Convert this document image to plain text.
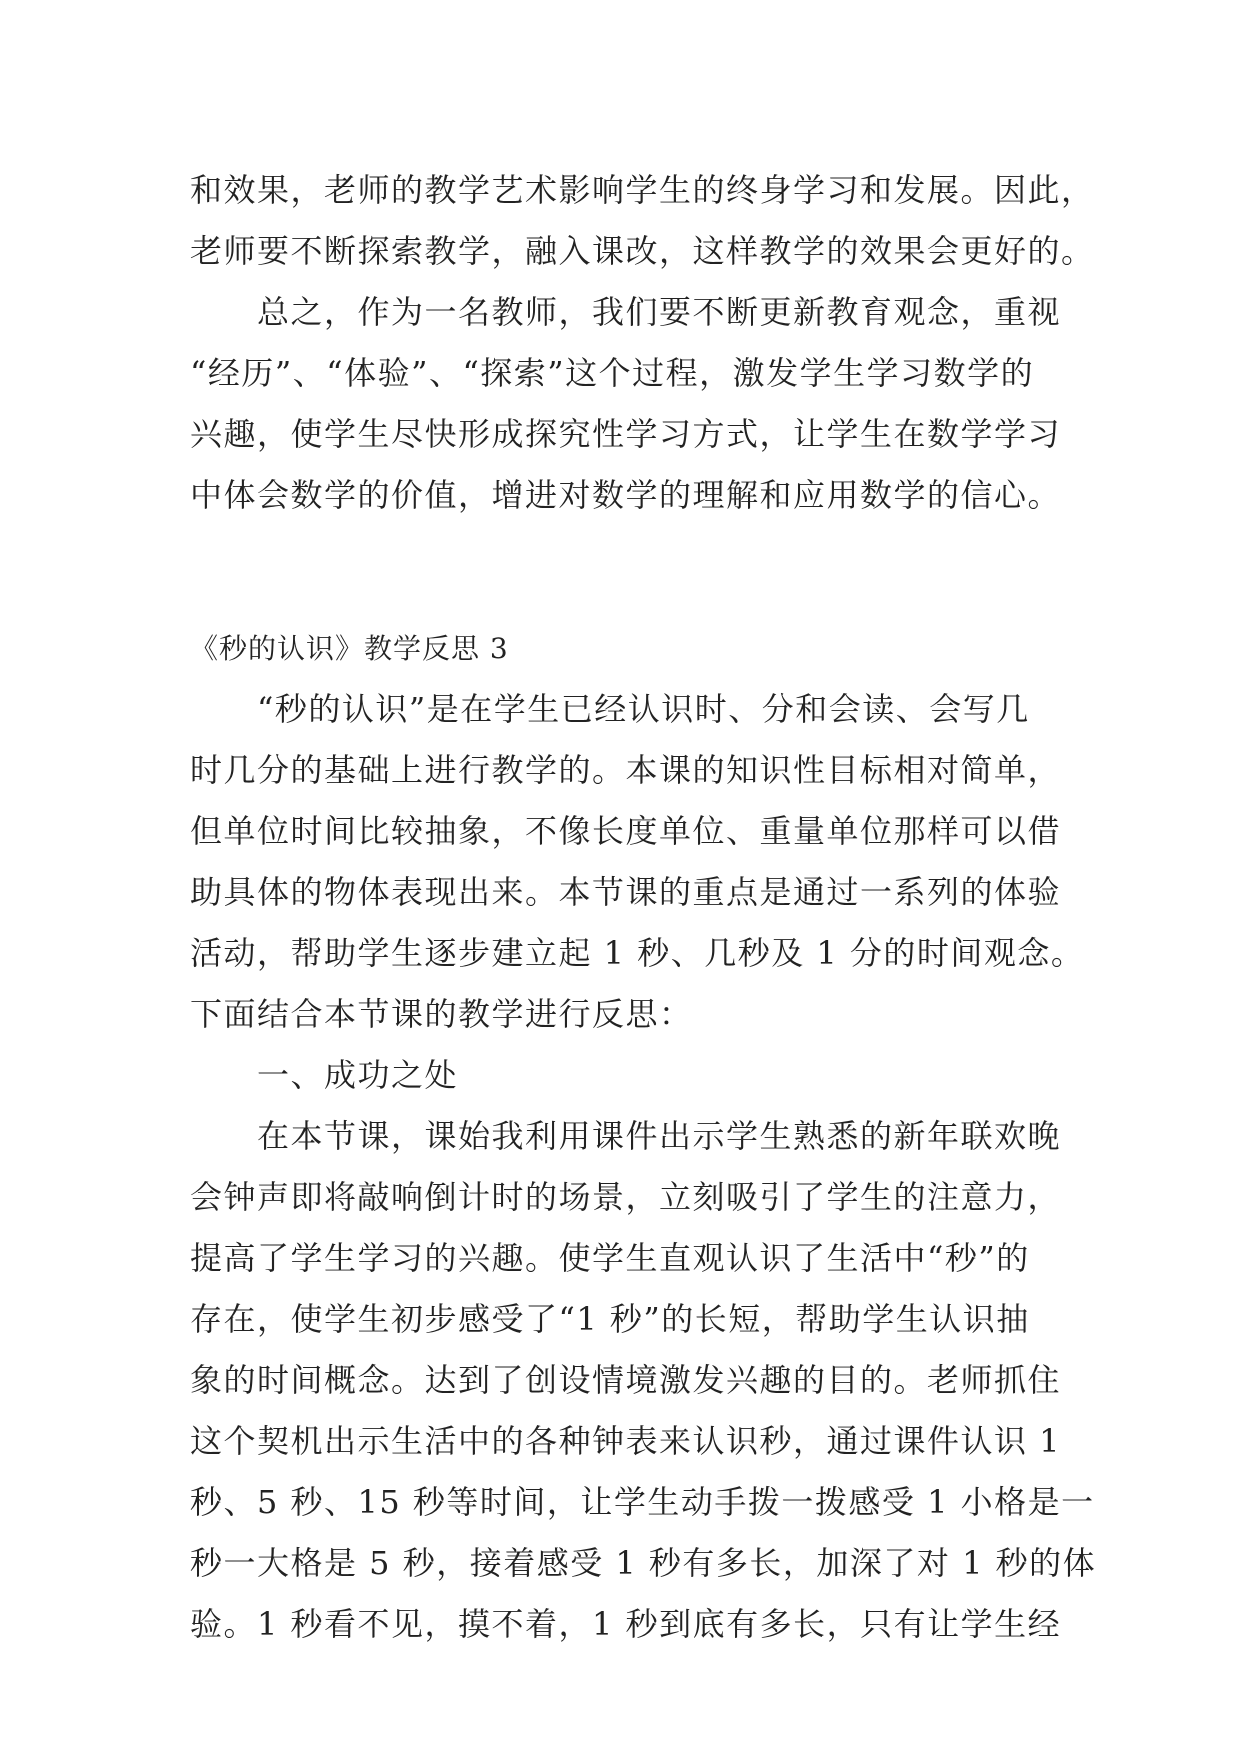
和效果，老师的教学艺术影响学生的终身学习和发展。因此，
老师要不断探索教学，融入课改，这样教学的效果会更好的。
　　总之，作为一名教师，我们要不断更新教育观念，重视
“经历”、“体验”、“探索”这个过程，激发学生学习数学的
兴趣，使学生尽快形成探究性学习方式，让学生在数学学习
中体会数学的价值，增进对数学的理解和应用数学的信心。
《秒的认识》教学反思 3
　　“秒的认识”是在学生已经认识时、分和会读、会写几
时几分的基础上进行教学的。本课的知识性目标相对简单，
但单位时间比较抽象，不像长度单位、重量单位那样可以借
助具体的物体表现出来。本节课的重点是通过一系列的体验
活动，帮助学生逐步建立起 1 秒、几秒及 1 分的时间观念。
下面结合本节课的教学进行反思：
　　一、成功之处
　　在本节课，课始我利用课件出示学生熟悉的新年联欢晚
会钟声即将敲响倒计时的场景，立刻吸引了学生的注意力，
提高了学生学习的兴趣。使学生直观认识了生活中“秒”的
存在，使学生初步感受了“1 秒”的长短，帮助学生认识抽
象的时间概念。达到了创设情境激发兴趣的目的。老师抓住
这个契机出示生活中的各种钟表来认识秒，通过课件认识 1
秒、5 秒、15 秒等时间，让学生动手拨一拨感受 1 小格是一
秒一大格是 5 秒，接着感受 1 秒有多长，加深了对 1 秒的体
验。1 秒看不见，摸不着，1 秒到底有多长，只有让学生经
